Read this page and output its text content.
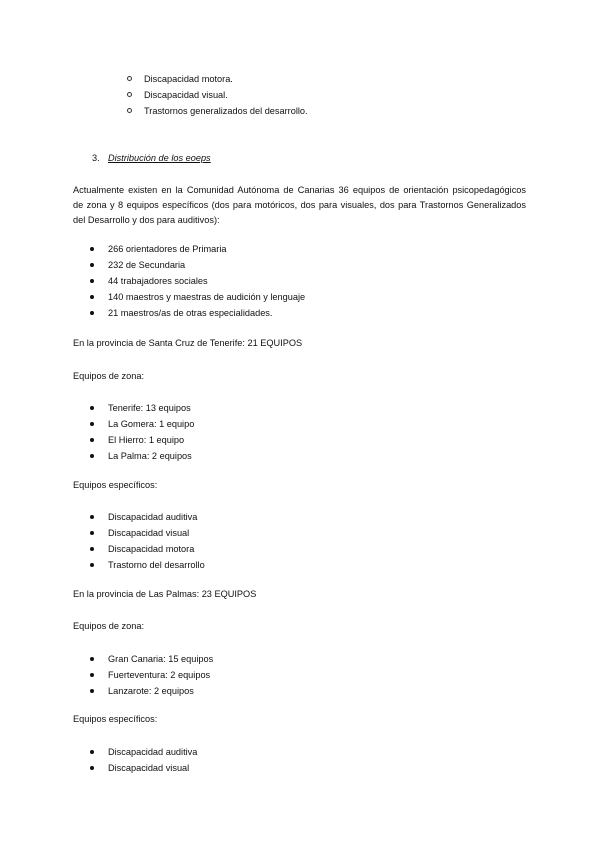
Discapacidad motora.
Discapacidad visual.
Trastornos generalizados del desarrollo.
3. Distribución de los eoeps
Actualmente existen en la Comunidad Autónoma de Canarias 36 equipos de orientación psicopedagógicos
de zona y 8 equipos específicos (dos para motóricos, dos para visuales, dos para Trastornos Generalizados
del Desarrollo y dos para auditivos):
266 orientadores de Primaria
232 de Secundaria
44 trabajadores sociales
140 maestros y maestras de audición y lenguaje
21 maestros/as de otras especialidades.
En la provincia de Santa Cruz de Tenerife: 21 EQUIPOS
Equipos de zona:
Tenerife: 13 equipos
La Gomera: 1 equipo
El Hierro: 1 equipo
La Palma: 2 equipos
Equipos específicos:
Discapacidad auditiva
Discapacidad visual
Discapacidad motora
Trastorno del desarrollo
En la provincia de Las Palmas: 23 EQUIPOS
Equipos de zona:
Gran Canaria: 15 equipos
Fuerteventura: 2 equipos
Lanzarote: 2 equipos
Equipos específicos:
Discapacidad auditiva
Discapacidad visual
